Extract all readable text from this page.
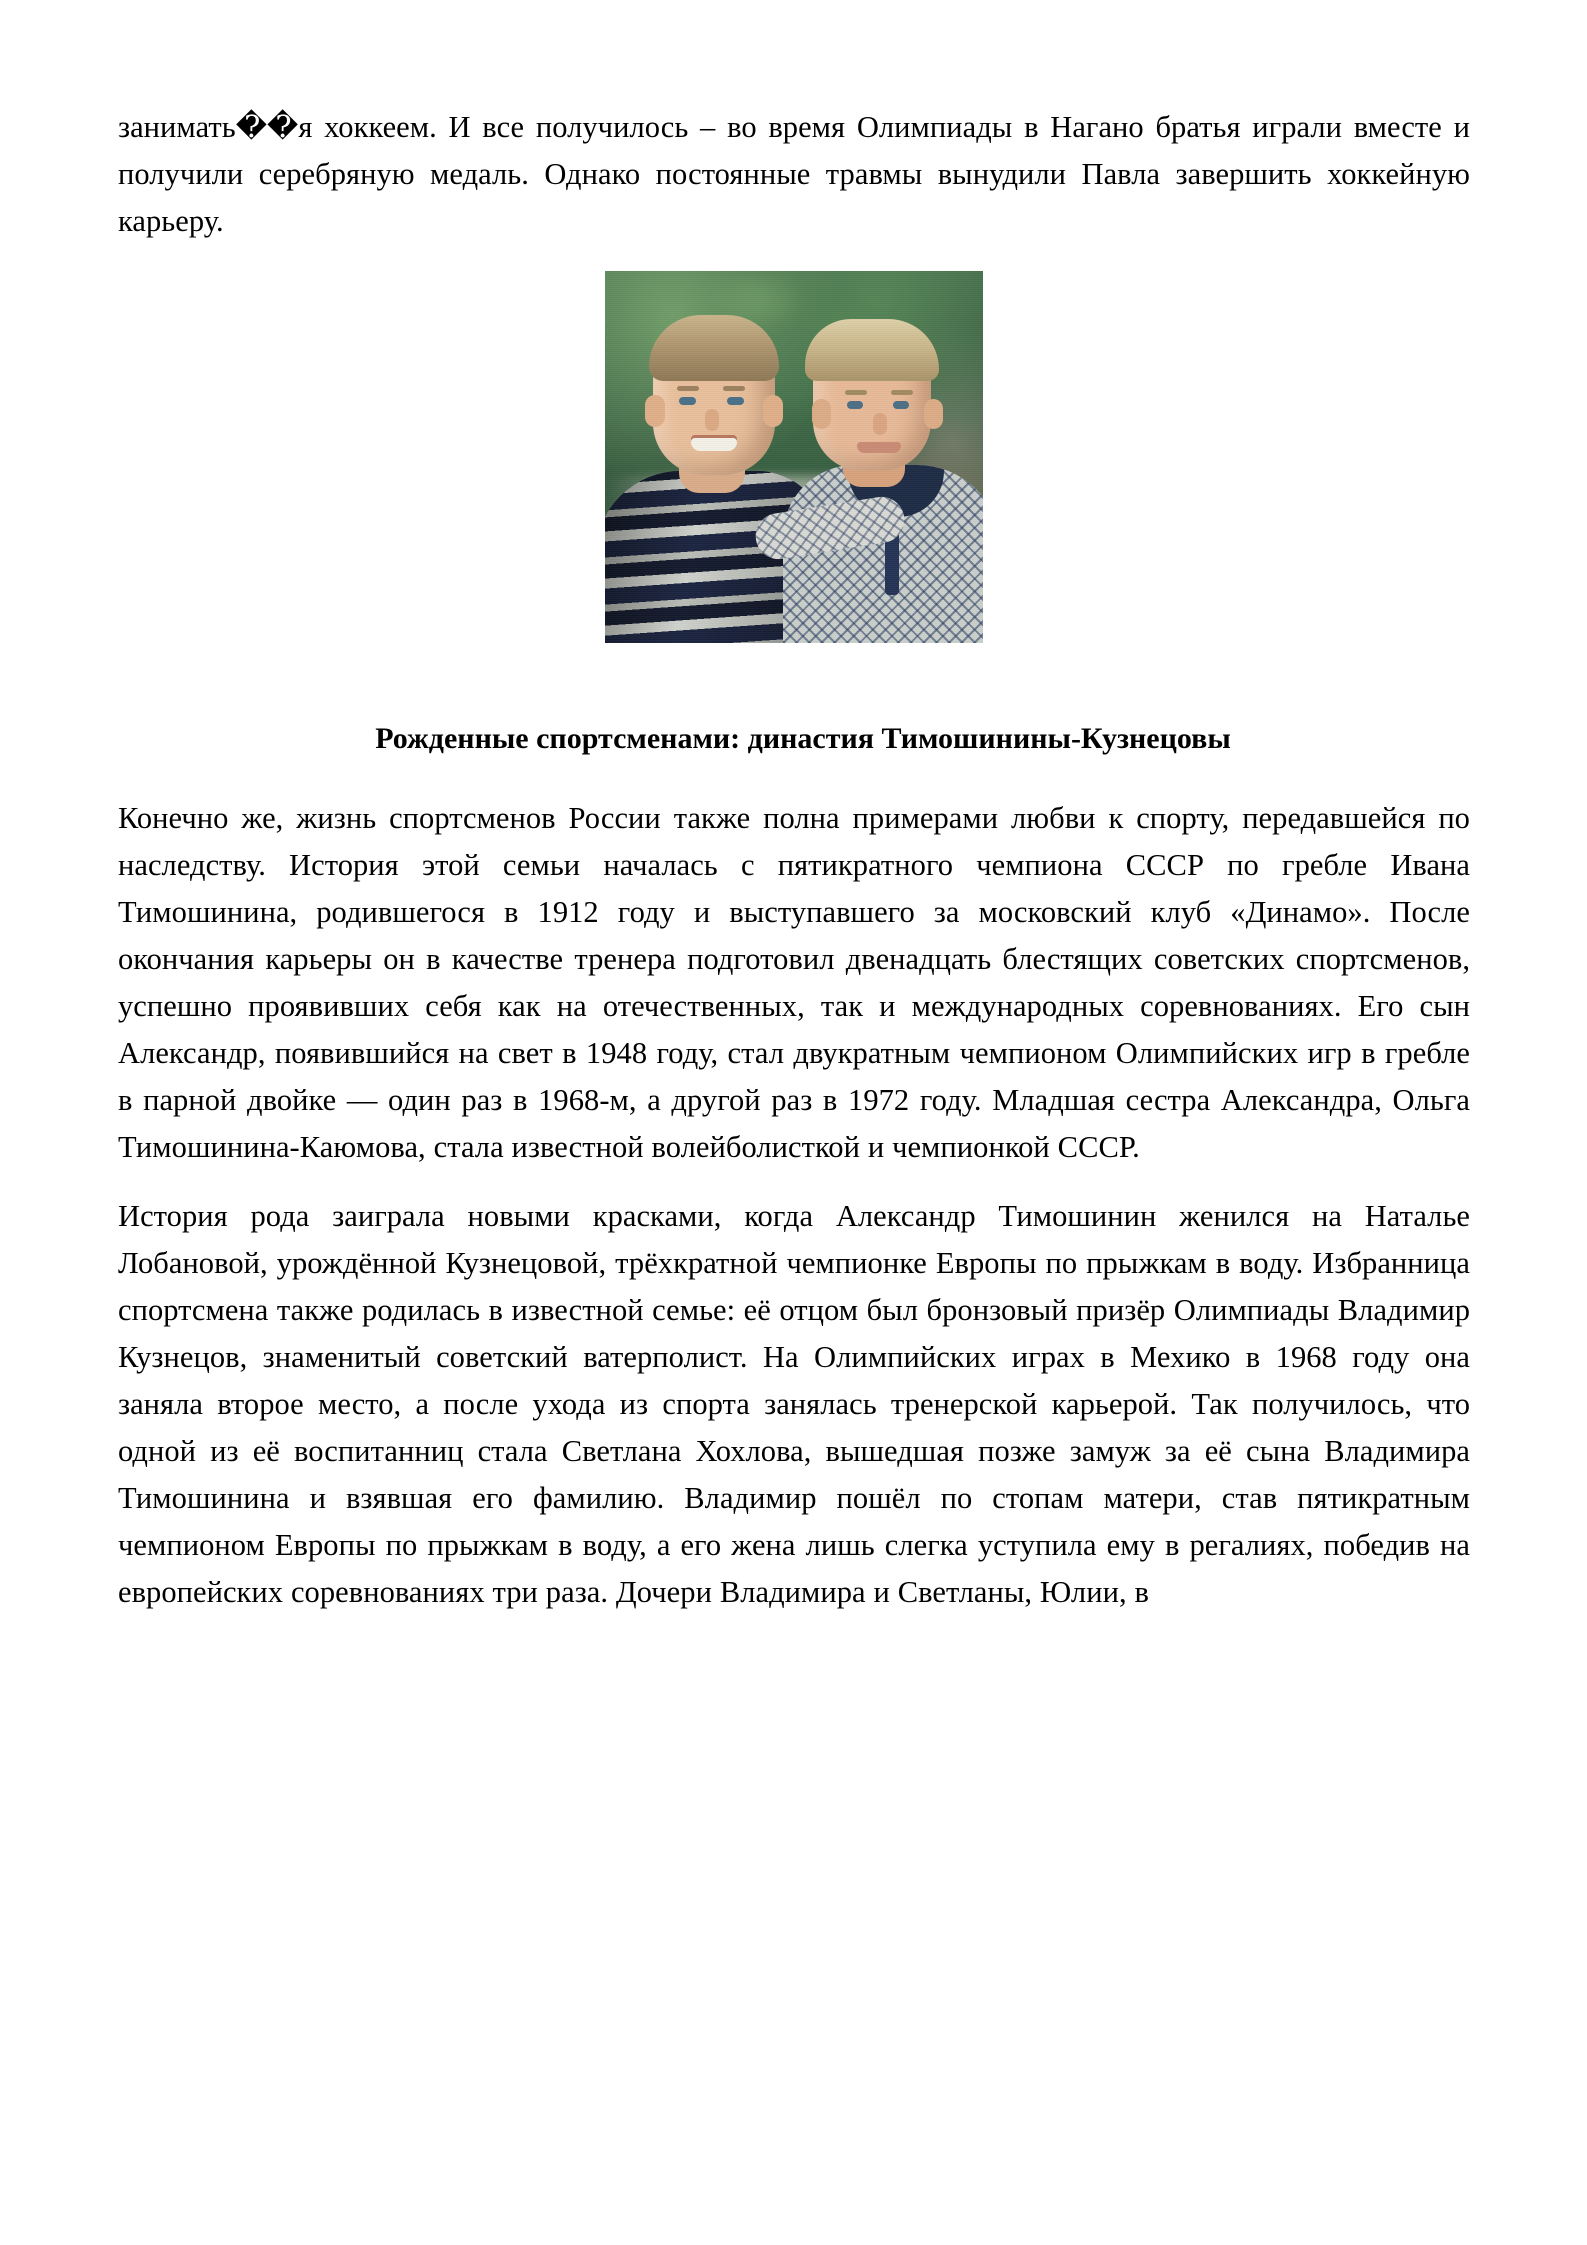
занимать��я хоккеем. И все получилось – во время Олимпиады в Нагано братья играли вместе и получили серебряную медаль. Однако постоянные травмы вынудили Павла завершить хоккейную карьеру.

Рожденные спортсменами: династия Тимошинины-Кузнецовы

Конечно же, жизнь спортсменов России также полна примерами любви к спорту, передавшейся по наследству. История этой семьи началась с пятикратного чемпиона СССР по гребле Ивана Тимошинина, родившегося в 1912 году и выступавшего за московский клуб «Динамо». После окончания карьеры он в качестве тренера подготовил двенадцать блестящих советских спортсменов, успешно проявивших себя как на отечественных, так и международных соревнованиях. Его сын Александр, появившийся на свет в 1948 году, стал двукратным чемпионом Олимпийских игр в гребле в парной двойке — один раз в 1968-м, а другой раз в 1972 году. Младшая сестра Александра, Ольга Тимошинина-Каюмова, стала известной волейболисткой и чемпионкой СССР.

История рода заиграла новыми красками, когда Александр Тимошинин женился на Наталье Лобановой, урождённой Кузнецовой, трёхкратной чемпионке Европы по прыжкам в воду. Избранница спортсмена также родилась в известной семье: её отцом был бронзовый призёр Олимпиады Владимир Кузнецов, знаменитый советский ватерполист. На Олимпийских играх в Мехико в 1968 году она заняла второе место, а после ухода из спорта занялась тренерской карьерой. Так получилось, что одной из её воспитанниц стала Светлана Хохлова, вышедшая позже замуж за её сына Владимира Тимошинина и взявшая его фамилию. Владимир пошёл по стопам матери, став пятикратным чемпионом Европы по прыжкам в воду, а его жена лишь слегка уступила ему в регалиях, победив на европейских соревнованиях три раза. Дочери Владимира и Светланы, Юлии, в
